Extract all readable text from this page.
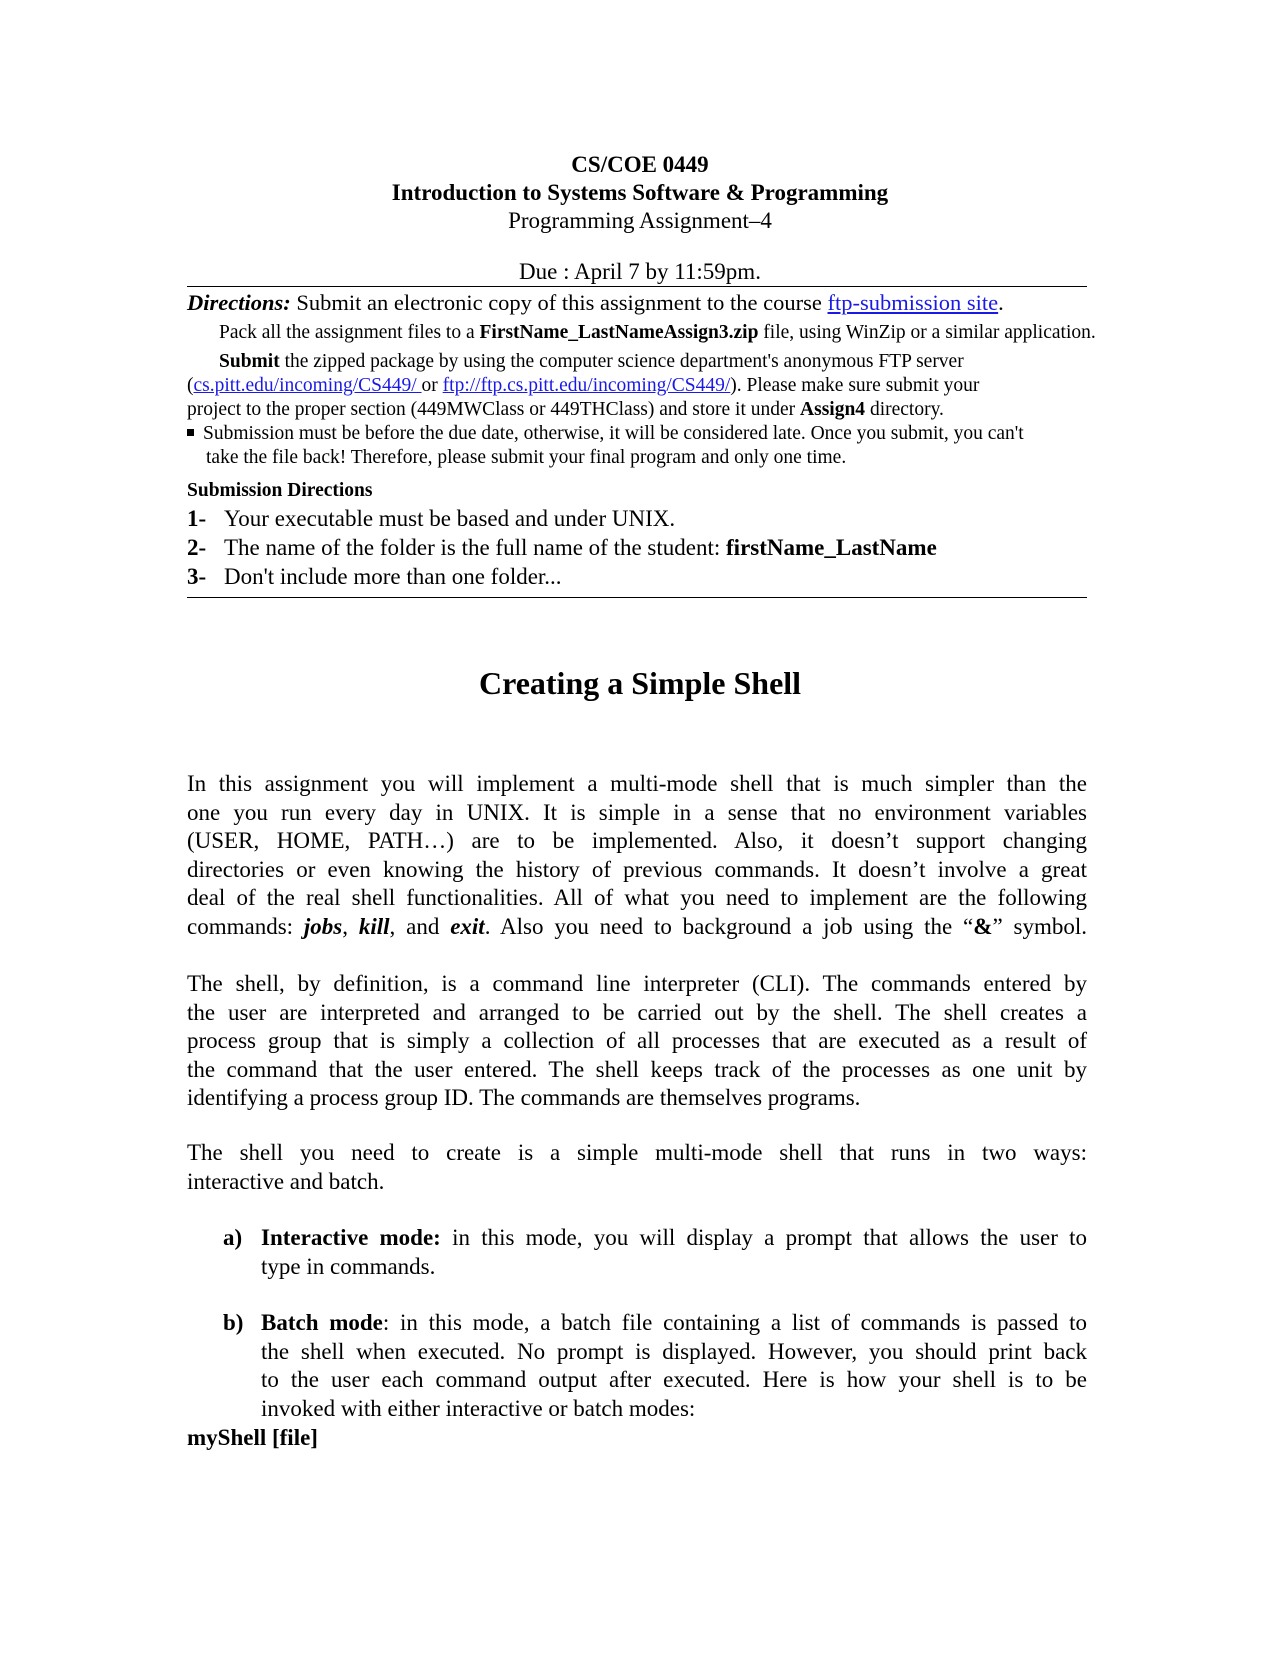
CS/COE 0449
Introduction to Systems Software & Programming
Programming Assignment–4
Due : April 7 by 11:59pm.
Directions: Submit an electronic copy of this assignment to the course ftp-submission site.
Pack all the assignment files to a FirstName_LastNameAssign3.zip file, using WinZip or a similar application.
Submit the zipped package by using the computer science department's anonymous FTP server
(cs.pitt.edu/incoming/CS449/ or ftp://ftp.cs.pitt.edu/incoming/CS449/). Please make sure submit your
project to the proper section (449MWClass or 449THClass) and store it under Assign4 directory.
Submission must be before the due date, otherwise, it will be considered late. Once you submit, you can't
take the file back! Therefore, please submit your final program and only one time.
Submission Directions
1- Your executable must be based and under UNIX.
2- The name of the folder is the full name of the student: firstName_LastName
3- Don't include more than one folder...
Creating a Simple Shell
In this assignment you will implement a multi-mode shell that is much simpler than the
one you run every day in UNIX. It is simple in a sense that no environment variables
(USER, HOME, PATH…) are to be implemented. Also, it doesn’t support changing
directories or even knowing the history of previous commands. It doesn’t involve a great
deal of the real shell functionalities. All of what you need to implement are the following
commands: jobs, kill, and exit. Also you need to background a job using the “&” symbol.
The shell, by definition, is a command line interpreter (CLI). The commands entered by
the user are interpreted and arranged to be carried out by the shell. The shell creates a
process group that is simply a collection of all processes that are executed as a result of
the command that the user entered. The shell keeps track of the processes as one unit by
identifying a process group ID. The commands are themselves programs.
The shell you need to create is a simple multi-mode shell that runs in two ways:
interactive and batch.
a) Interactive mode: in this mode, you will display a prompt that allows the user to
type in commands.
b) Batch mode: in this mode, a batch file containing a list of commands is passed to
the shell when executed. No prompt is displayed. However, you should print back
to the user each command output after executed. Here is how your shell is to be
invoked with either interactive or batch modes:
myShell [file]
